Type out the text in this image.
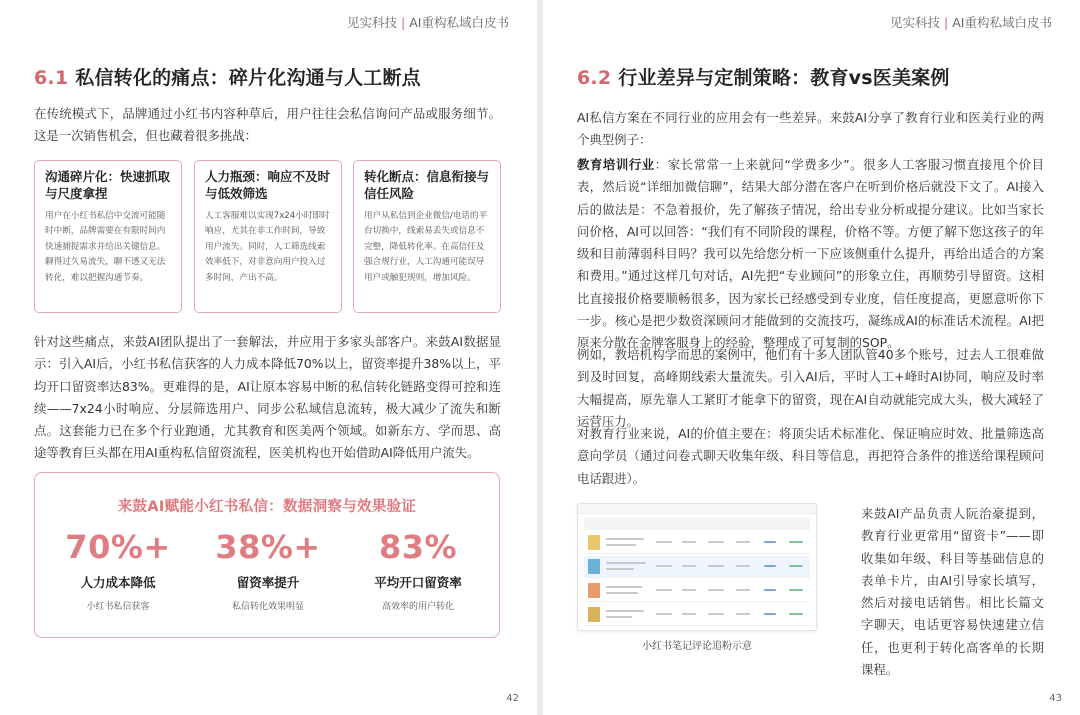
见实科技 | AI重构私域白皮书
6.1 私信转化的痛点：碎片化沟通与人工断点
在传统模式下，品牌通过小红书内容种草后，用户往往会私信询问产品或服务细节。这是一次销售机会，但也藏着很多挑战：
沟通碎片化：快速抓取与尺度拿捏
用户在小红书私信中交流可能随时中断，品牌需要在有限时间内快速捕捉需求并给出关键信息。聊得过久易流失，聊不透又无法转化，难以把握沟通节奏。
人力瓶颈：响应不及时与低效筛选
人工客服难以实现7x24小时即时响应，尤其在非工作时间，导致用户流失。同时，人工筛选线索效率低下，对非意向用户投入过多时间，产出不高。
转化断点：信息衔接与信任风险
用户从私信到企业微信/电话的平台切换中，线索易丢失或信息不完整，降低转化率。在高信任及强合规行业，人工沟通可能误导用户或触犯规则，增加风险。
针对这些痛点，来鼓AI团队提出了一套解法，并应用于多家头部客户。来鼓AI数据显示：引入AI后，小红书私信获客的人力成本降低70%以上，留资率提升38%以上，平均开口留资率达83%。更难得的是，AI让原本容易中断的私信转化链路变得可控和连续——7x24小时响应、分层筛选用户、同步公私域信息流转，极大减少了流失和断点。这套能力已在多个行业跑通，尤其教育和医美两个领域。如新东方、学而思、高途等教育巨头都在用AI重构私信留资流程，医美机构也开始借助AI降低用户流失。
来鼓AI赋能小红书私信：数据洞察与效果验证
70%+
人力成本降低
小红书私信获客
38%+
留资率提升
私信转化效果明显
83%
平均开口留资率
高效率的用户转化
42
见实科技 | AI重构私域白皮书
6.2 行业差异与定制策略：教育vs医美案例
AI私信方案在不同行业的应用会有一些差异。来鼓AI分享了教育行业和医美行业的两个典型例子：
教育培训行业：家长常常一上来就问“学费多少”。很多人工客服习惯直接甩个价目表，然后说“详细加微信聊”，结果大部分潜在客户在听到价格后就没下文了。AI接入后的做法是：不急着报价，先了解孩子情况，给出专业分析或提分建议。比如当家长问价格，AI可以回答：“我们有不同阶段的课程，价格不等。方便了解下您这孩子的年级和目前薄弱科目吗？我可以先给您分析一下应该侧重什么提升，再给出适合的方案和费用。”通过这样几句对话，AI先把“专业顾问”的形象立住，再顺势引导留资。这相比直接报价格要顺畅很多，因为家长已经感受到专业度，信任度提高，更愿意听你下一步。核心是把少数资深顾问才能做到的交流技巧，凝练成AI的标准话术流程。AI把原来分散在金牌客服身上的经验，整理成了可复制的SOP。
例如，教培机构学而思的案例中，他们有十多人团队管40多个账号，过去人工很难做到及时回复，高峰期线索大量流失。引入AI后，平时人工+峰时AI协同，响应及时率大幅提高，原先靠人工紧盯才能拿下的留资，现在AI自动就能完成大头，极大减轻了运营压力。
对教育行业来说，AI的价值主要在：将顶尖话术标准化、保证响应时效、批量筛选高意向学员（通过问卷式聊天收集年级、科目等信息，再把符合条件的推送给课程顾问电话跟进）。
小红书笔记评论追粉示意
来鼓AI产品负责人阮治豪提到，教育行业更常用“留资卡”——即收集如年级、科目等基础信息的表单卡片，由AI引导家长填写，然后对接电话销售。相比长篇文字聊天，电话更容易快速建立信任，也更利于转化高客单的长期课程。
43
